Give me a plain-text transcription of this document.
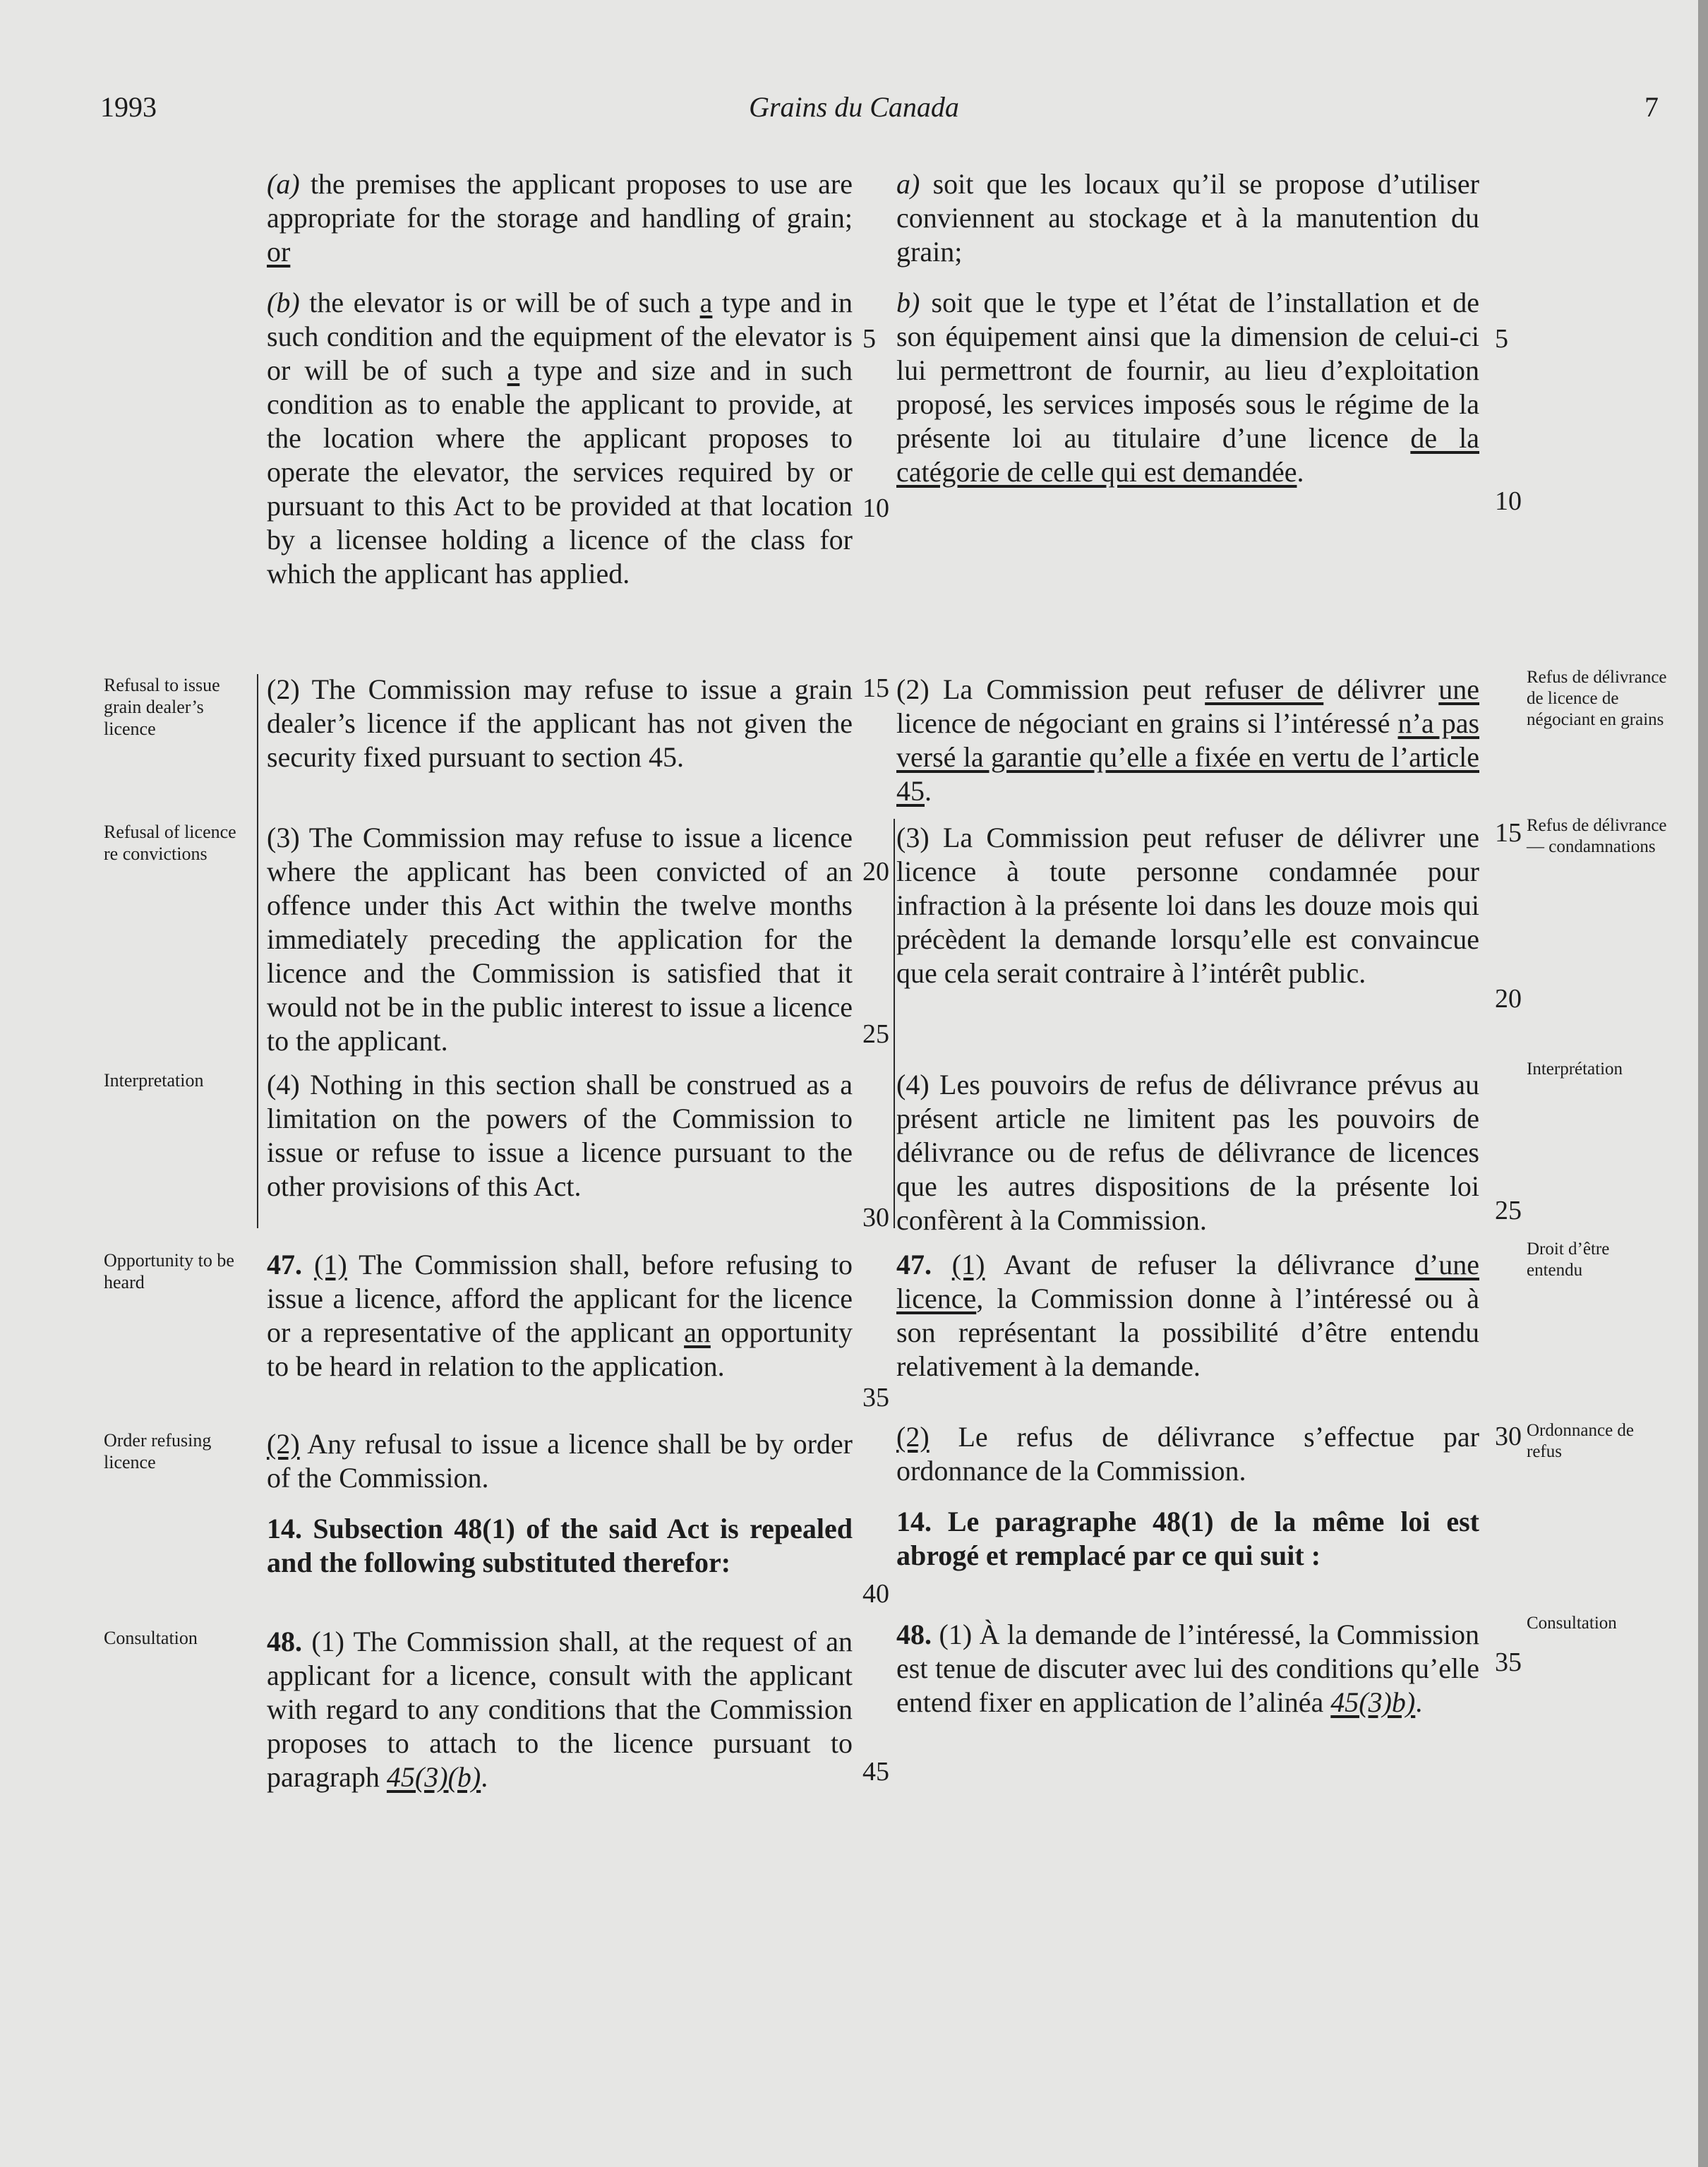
1993	Grains du Canada	7

(a) the premises the applicant proposes to use are appropriate for the storage and handling of grain; or

(b) the elevator is or will be of such a type and in such condition and the equipment of the elevator is or will be of such a type and size and in such condition as to enable the applicant to provide, at the location where the applicant proposes to operate the elevator, the services required by or pursuant to this Act to be provided at that location by a licensee holding a licence of the class for which the applicant has applied.

(2) The Commission may refuse to issue a grain dealer’s licence if the applicant has not given the security fixed pursuant to section 45.

(3) The Commission may refuse to issue a licence where the applicant has been convicted of an offence under this Act within the twelve months immediately preceding the application for the licence and the Commission is satisfied that it would not be in the public interest to issue a licence to the applicant.

(4) Nothing in this section shall be construed as a limitation on the powers of the Commission to issue or refuse to issue a licence pursuant to the other provisions of this Act.

47. (1) The Commission shall, before refusing to issue a licence, afford the applicant for the licence or a representative of the applicant an opportunity to be heard in relation to the application.

(2) Any refusal to issue a licence shall be by order of the Commission.

14. Subsection 48(1) of the said Act is repealed and the following substituted therefor:

48. (1) The Commission shall, at the request of an applicant for a licence, consult with the applicant with regard to any conditions that the Commission proposes to attach to the licence pursuant to paragraph 45(3)(b).

a) soit que les locaux qu’il se propose d’utiliser conviennent au stockage et à la manutention du grain;

b) soit que le type et l’état de l’installation et de son équipement ainsi que la dimension de celui-ci lui permettront de fournir, au lieu d’exploitation proposé, les services imposés sous le régime de la présente loi au titulaire d’une licence de la catégorie de celle qui est demandée.

(2) La Commission peut refuser de délivrer une licence de négociant en grains si l’intéressé n’a pas versé la garantie qu’elle a fixée en vertu de l’article 45.

(3) La Commission peut refuser de délivrer une licence à toute personne condamnée pour infraction à la présente loi dans les douze mois qui précèdent la demande lorsqu’elle est convaincue que cela serait contraire à l’intérêt public.

(4) Les pouvoirs de refus de délivrance prévus au présent article ne limitent pas les pouvoirs de délivrance ou de refus de délivrance de licences que les autres dispositions de la présente loi confèrent à la Commission.

47. (1) Avant de refuser la délivrance d’une licence, la Commission donne à l’intéressé ou à son représentant la possibilité d’être entendu relativement à la demande.

(2) Le refus de délivrance s’effectue par ordonnance de la Commission.

14. Le paragraphe 48(1) de la même loi est abrogé et remplacé par ce qui suit :

48. (1) À la demande de l’intéressé, la Commission est tenue de discuter avec lui des conditions qu’elle entend fixer en application de l’alinéa 45(3)b).

5
10
15
20
25
30
35
40
45
5
10
15
20
25
30
35
Refusal to issue grain dealer’s licence
Refusal of licence re convictions
Interpretation
Opportunity to be heard
Order refusing licence
Consultation
Refus de délivrance de licence de négociant en grains
Refus de délivrance — condamnations
Interprétation
Droit d’être entendu
Ordonnance de refus
Consultation
